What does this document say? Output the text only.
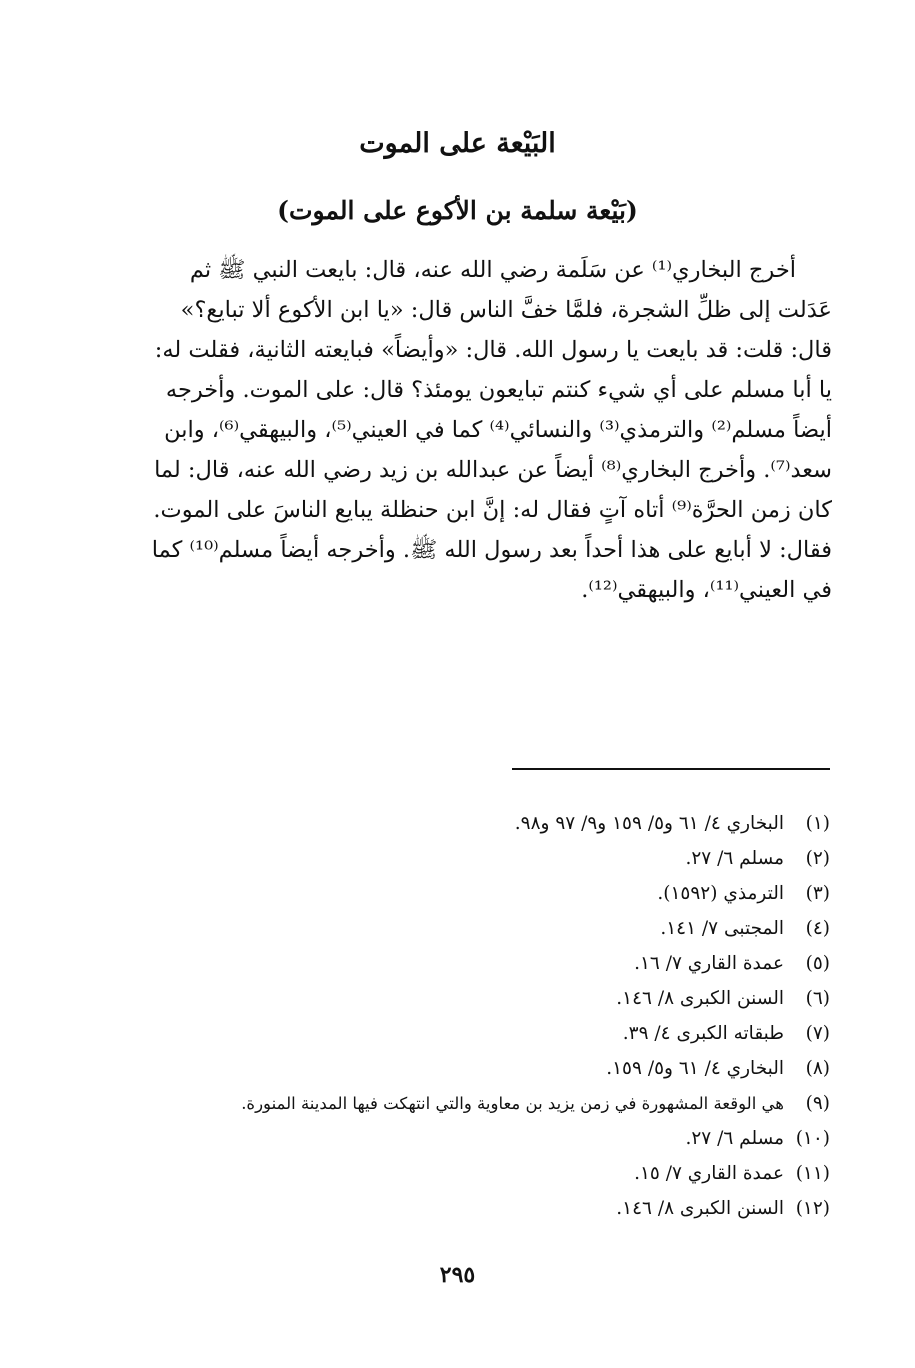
البَيْعة على الموت
(بَيْعة سلمة بن الأكوع على الموت)
أخرج البخاري⁽¹⁾ عن سَلَمة رضي الله عنه، قال: بايعت النبي ﷺ ثم
عَدَلت إلى ظلِّ الشجرة، فلمَّا خفَّ الناس قال: «يا ابن الأكوع ألا تبايع؟»
قال: قلت: قد بايعت يا رسول الله. قال: «وأيضاً» فبايعته الثانية، فقلت له:
يا أبا مسلم على أي شيء كنتم تبايعون يومئذ؟ قال: على الموت. وأخرجه
أيضاً مسلم⁽²⁾ والترمذي⁽³⁾ والنسائي⁽⁴⁾ كما في العيني⁽⁵⁾، والبيهقي⁽⁶⁾، وابن
سعد⁽⁷⁾. وأخرج البخاري⁽⁸⁾ أيضاً عن عبدالله بن زيد رضي الله عنه، قال: لما
كان زمن الحرَّة⁽⁹⁾ أتاه آتٍ فقال له: إنَّ ابن حنظلة يبايع الناسَ على الموت.
فقال: لا أبايع على هذا أحداً بعد رسول الله ﷺ. وأخرجه أيضاً مسلم⁽¹⁰⁾ كما
في العيني⁽¹¹⁾، والبيهقي⁽¹²⁾.
(١)
البخاري ٤/ ٦١ و٥/ ١٥٩ و٩/ ٩٧ و٩٨.
(٢)
مسلم ٦/ ٢٧.
(٣)
الترمذي (١٥٩٢).
(٤)
المجتبى ٧/ ١٤١.
(٥)
عمدة القاري ٧/ ١٦.
(٦)
السنن الكبرى ٨/ ١٤٦.
(٧)
طبقاته الكبرى ٤/ ٣٩.
(٨)
البخاري ٤/ ٦١ و٥/ ١٥٩.
(٩)
هي الوقعة المشهورة في زمن يزيد بن معاوية والتي انتهكت فيها المدينة المنورة.
(١٠)
مسلم ٦/ ٢٧.
(١١)
عمدة القاري ٧/ ١٥.
(١٢)
السنن الكبرى ٨/ ١٤٦.
٢٩٥
